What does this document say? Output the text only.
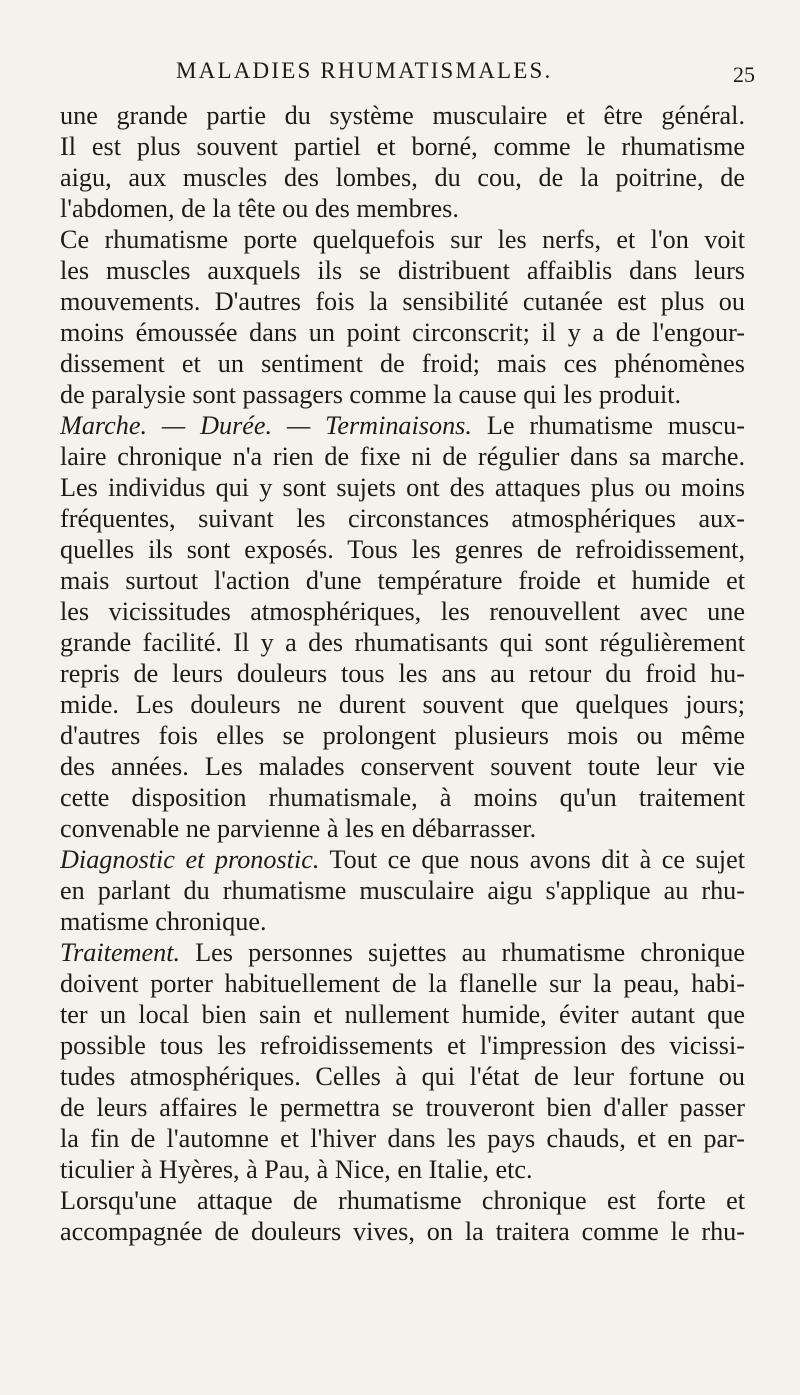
MALADIES RHUMATISMALES.	25
une grande partie du système musculaire et être général.
Il est plus souvent partiel et borné, comme le rhumatisme
aigu, aux muscles des lombes, du cou, de la poitrine, de
l'abdomen, de la tête ou des membres.
Ce rhumatisme porte quelquefois sur les nerfs, et l'on voit
les muscles auxquels ils se distribuent affaiblis dans leurs
mouvements. D'autres fois la sensibilité cutanée est plus ou
moins émoussée dans un point circonscrit; il y a de l'engour-
dissement et un sentiment de froid; mais ces phénomènes
de paralysie sont passagers comme la cause qui les produit.
Marche. — Durée. — Terminaisons. Le rhumatisme muscu-
laire chronique n'a rien de fixe ni de régulier dans sa marche.
Les individus qui y sont sujets ont des attaques plus ou moins
fréquentes, suivant les circonstances atmosphériques aux-
quelles ils sont exposés. Tous les genres de refroidissement,
mais surtout l'action d'une température froide et humide et
les vicissitudes atmosphériques, les renouvellent avec une
grande facilité. Il y a des rhumatisants qui sont régulièrement
repris de leurs douleurs tous les ans au retour du froid hu-
mide. Les douleurs ne durent souvent que quelques jours;
d'autres fois elles se prolongent plusieurs mois ou même
des années. Les malades conservent souvent toute leur vie
cette disposition rhumatismale, à moins qu'un traitement
convenable ne parvienne à les en débarrasser.
Diagnostic et pronostic. Tout ce que nous avons dit à ce sujet
en parlant du rhumatisme musculaire aigu s'applique au rhu-
matisme chronique.
Traitement. Les personnes sujettes au rhumatisme chronique
doivent porter habituellement de la flanelle sur la peau, habi-
ter un local bien sain et nullement humide, éviter autant que
possible tous les refroidissements et l'impression des vicissi-
tudes atmosphériques. Celles à qui l'état de leur fortune ou
de leurs affaires le permettra se trouveront bien d'aller passer
la fin de l'automne et l'hiver dans les pays chauds, et en par-
ticulier à Hyères, à Pau, à Nice, en Italie, etc.
Lorsqu'une attaque de rhumatisme chronique est forte et
accompagnée de douleurs vives, on la traitera comme le rhu-
